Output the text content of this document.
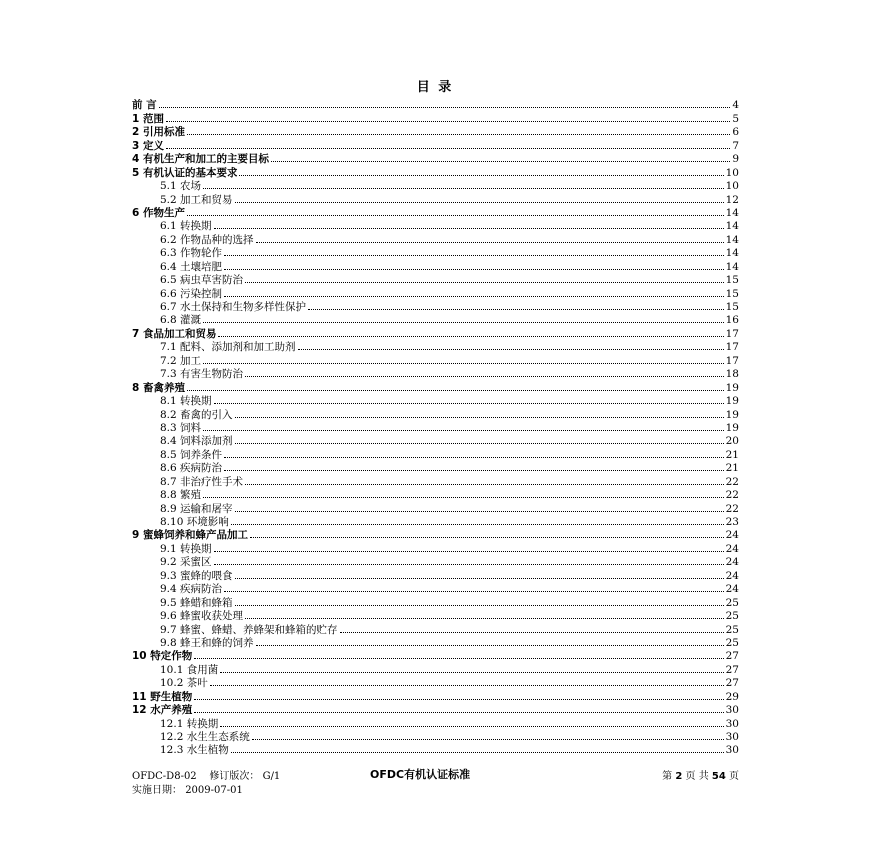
目 录
前 言	4
1 范围	5
2 引用标准	6
3 定义	7
4 有机生产和加工的主要目标	9
5 有机认证的基本要求	10
5.1 农场	10
5.2 加工和贸易	12
6 作物生产	14
6.1 转换期	14
6.2 作物品种的选择	14
6.3 作物轮作	14
6.4 土壤培肥	14
6.5 病虫草害防治	15
6.6 污染控制	15
6.7 水土保持和生物多样性保护	15
6.8 灌溉	16
7 食品加工和贸易	17
7.1 配料、添加剂和加工助剂	17
7.2 加工	17
7.3 有害生物防治	18
8 畜禽养殖	19
8.1 转换期	19
8.2 畜禽的引入	19
8.3 饲料	19
8.4 饲料添加剂	20
8.5 饲养条件	21
8.6 疾病防治	21
8.7 非治疗性手术	22
8.8 繁殖	22
8.9 运输和屠宰	22
8.10 环境影响	23
9 蜜蜂饲养和蜂产品加工	24
9.1 转换期	24
9.2 采蜜区	24
9.3 蜜蜂的喂食	24
9.4 疾病防治	24
9.5 蜂蜡和蜂箱	25
9.6 蜂蜜收获处理	25
9.7 蜂蜜、蜂蜡、养蜂架和蜂箱的贮存	25
9.8 蜂王和蜂的饲养	25
10 特定作物	27
10.1 食用菌	27
10.2 茶叶	27
11 野生植物	29
12 水产养殖	30
12.1 转换期	30
12.2 水生生态系统	30
12.3 水生植物	30
OFDC-D8-02 修订版次： G/1	OFDC有机认证标准	第 2 页 共 54 页
实施日期： 2009-07-01
